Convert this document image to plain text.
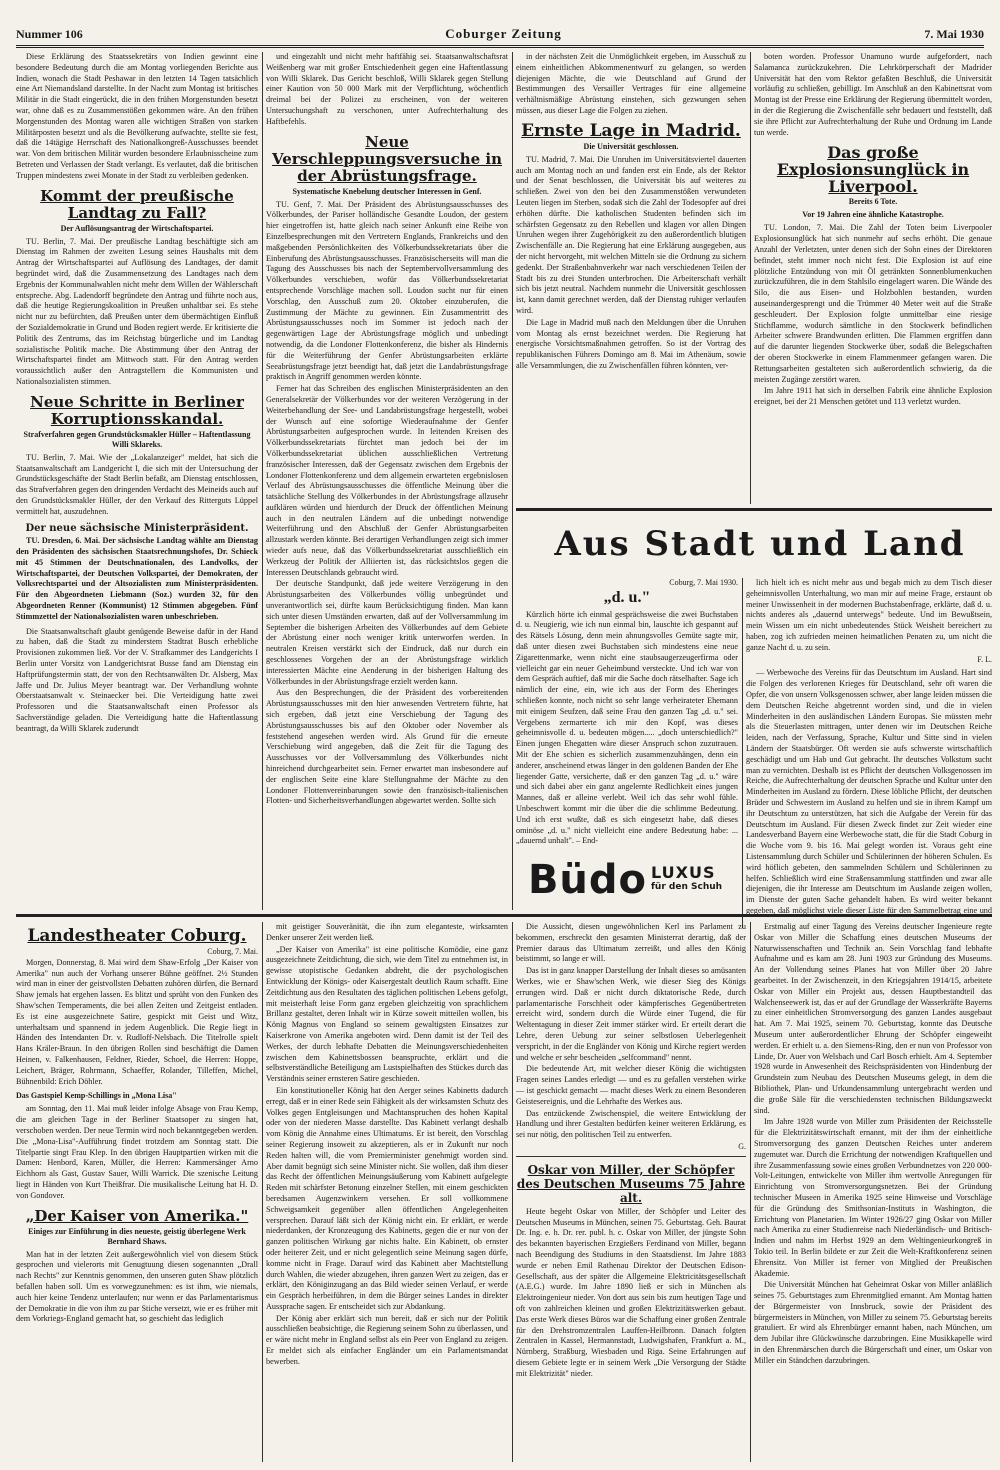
Nummer 106	Coburger Zeitung	7. Mai 1930

Diese Erklärung des Staatssekretärs von Indien gewinnt eine besondere Bedeutung durch die am Montag vorliegenden Berichte aus Indien, wonach die Stadt Peshawar in den letzten 14 Tagen tatsächlich eine Art Niemandsland darstellte. In der Nacht zum Montag ist britisches Militär in die Stadt eingerückt, die in den frühen Morgenstunden besetzt war, ohne daß es zu Zusammenstößen gekommen wäre. An den frühen Morgenstunden des Montag waren alle wichtigen Straßen von starken Militärposten besetzt und als die Bevölkerung aufwachte, stellte sie fest, daß die 14tägige Herrschaft des Nationalkongreß-Ausschusses beendet war. Von dem britischen Militär wurden besondere Erlaubnisscheine zum Betreten und Verlassen der Stadt verlangt. Es verlautet, daß die britischen Truppen mindestens zwei Monate in der Stadt zu verbleiben gedenken.

Kommt der preußische Landtag zu Fall?
Der Auflösungsantrag der Wirtschaftspartei.

TU. Berlin, 7. Mai. Der preußische Landtag beschäftigte sich am Dienstag im Rahmen der zweiten Lesung seines Haushalts mit dem Antrag der Wirtschaftspartei auf Auflösung des Landtages, der damit begründet wird, daß die Zusammensetzung des Landtages nach dem Ergebnis der Kommunalwahlen nicht mehr dem Willen der Wählerschaft entspreche. Abg. Ladendorff begründete den Antrag und führte noch aus, daß die heutige Regierungskoalition in Preußen unhaltbar sei. Es stehe nicht nur zu befürchten, daß Preußen unter dem übermächtigen Einfluß der Sozialdemokratie in Grund und Boden regiert werde. Er kritisierte die Politik des Zentrums, das im Reichstag bürgerliche und im Landtag sozialistische Politik mache. Die Abstimmung über den Antrag der Wirtschaftspartei findet am Mittwoch statt. Für den Antrag werden voraussichtlich außer den Antragstellern die Kommunisten und Nationalsozialisten stimmen.

Neue Schritte in Berliner Korruptionsskandal.
Strafverfahren gegen Grundstücksmakler Hüller – Haftentlassung Willi Sklareks.

TU. Berlin, 7. Mai. Wie der „Lokalanzeiger" meldet, hat sich die Staatsanwaltschaft am Landgericht I, die sich mit der Untersuchung der Grundstücksgeschäfte der Stadt Berlin befaßt, am Dienstag entschlossen, das Strafverfahren gegen den dringenden Verdacht des Meineids auch auf den Grundstücksmakler Hüller, der den Verkauf des Ritterguts Lüppel vermittelt hat, auszudehnen.

Der neue sächsische Ministerpräsident.

TU. Dresden, 6. Mai. Der sächsische Landtag wählte am Dienstag den Präsidenten des sächsischen Staatsrechnungshofes, Dr. Schieck mit 45 Stimmen der Deutschnationalen, des Landvolks, der Wirtschaftspartei, der Deutschen Volkspartei, der Demokraten, der Volksrechtspartei und der Altsozialisten zum Ministerpräsidenten. Für den Abgeordneten Liebmann (Soz.) wurden 32, für den Abgeordneten Renner (Kommunist) 12 Stimmen abgegeben. Fünf Stimmzettel der Nationalsozialisten waren unbeschrieben.

Die Staatsanwaltschaft glaubt genügende Beweise dafür in der Hand zu haben, daß die Stadt zu minderstem Stadtrat Busch erhebliche Provisionen zukommen ließ. Vor der V. Strafkammer des Landgerichts I Berlin unter Vorsitz von Landgerichtsrat Busse fand am Dienstag ein Haftprüfungstermin statt, der von den Rechtsanwälten Dr. Alsberg, Max Jaffe und Dr. Julius Meyer beantragt war. Der Verhandlung wohnte Oberstaatsanwalt v. Steinaecker bei. Die Verteidigung hatte zwei Professoren und die Staatsanwaltschaft einen Professor als Sachverständige geladen. Die Verteidigung hatte die Haftentlassung beantragt, da Willi Sklarek zuderundt

und eingezahlt und nicht mehr haftfähig sei. Staatsanwaltschaftsrat Weißenberg war mit großer Entschiedenheit gegen eine Haftentlassung von Willi Sklarek. Das Gericht beschloß, Willi Sklarek gegen Stellung einer Kaution von 50 000 Mark mit der Verpflichtung, wöchentlich dreimal bei der Polizei zu erscheinen, von der weiteren Untersuchungshaft zu verschonen, unter Aufrechterhaltung des Haftbefehls.

Neue Verschleppungsversuche in der Abrüstungsfrage.
Systematische Knebelung deutscher Interessen in Genf.

TU. Genf, 7. Mai. Der Präsident des Abrüstungsausschusses des Völkerbundes, der Pariser holländische Gesandte Loudon, der gestern hier eingetroffen ist, hatte gleich nach seiner Ankunft eine Reihe von Einzelbesprechungen mit den Vertretern Englands, Frankreichs und den maßgebenden Persönlichkeiten des Völkerbundssekretariats über die Einberufung des Abrüstungsausschusses. Französischerseits will man die Tagung des Ausschusses bis nach der Septembervollversammlung des Völkerbundes verschieben, wofür das Völkerbundssekretariat entsprechende Vorschläge machen soll. Loudon sucht nur für einen Vorschlag, den Ausschuß zum 20. Oktober einzuberufen, die Zustimmung der Mächte zu gewinnen. Ein Zusammentritt des Abrüstungsausschusses noch im Sommer ist jedoch nach der gegenwärtigen Lage der Abrüstungsfrage möglich und unbedingt notwendig, da die Londoner Flottenkonferenz, die bisher als Hindernis für die Weiterführung der Genfer Abrüstungsarbeiten erklärte Seeabrüstungsfrage jetzt beendigt hat, daß jetzt die Landabrüstungsfrage praktisch in Angriff genommen werden könnte.

Ferner hat das Schreiben des englischen Ministerpräsidenten an den Generalsekretär der Völkerbundes vor der weiteren Verzögerung in der Weiterbehandlung der See- und Landabrüstungsfrage hergestellt, wobei der Wunsch auf eine sofortige Wiederaufnahme der Genfer Abrüstungsarbeiten aufgesprochen wurde. In leitenden Kreisen des Völkerbundssekretariats fürchtet man jedoch bei der im Völkerbundssekretariat üblichen ausschließlichen Vertretung französischer Interessen, daß der Gegensatz zwischen dem Ergebnis der Londoner Flottenkonferenz und dem allgemein erwarteten ergebnislosen Verlauf des Abrüstungsausschusses die öffentliche Meinung über die tatsächliche Stellung des Völkerbundes in der Abrüstungsfrage allzusehr aufklären würden und hierdurch der Druck der öffentlichen Meinung auch in den neutralen Ländern auf die unbedingt notwendige Weiterführung und den Abschluß der Genfer Abrüstungsarbeiten allzustark werden könnte. Bei derartigen Verhandlungen zeigt sich immer wieder aufs neue, daß das Völkerbundssekretariat ausschließlich ein Werkzeug der Politik der Alliierten ist, das rücksichtslos gegen die Interessen Deutschlands gebraucht wird.

Der deutsche Standpunkt, daß jede weitere Verzögerung in den Abrüstungsarbeiten des Völkerbundes völlig unbegründet und unverantwortlich sei, dürfte kaum Berücksichtigung finden. Man kann sich unter diesen Umständen erwarten, daß auf der Vollversammlung im September die bisherigen Arbeiten des Völkerbundes auf dem Gebiete der Abrüstung einer noch weniger kritik unterworfen werden. In neutralen Kreisen verstärkt sich der Eindruck, daß nur durch ein geschlossenes Vorgehen der an der Abrüstungsfrage wirklich interessierten Mächte eine Aenderung in der bisherigen Haltung des Völkerbundes in der Abrüstungsfrage erzielt werden kann.

Aus den Besprechungen, die der Präsident des vorbereitenden Abrüstungsausschusses mit den hier anwesenden Vertretern führte, hat sich ergeben, daß jetzt eine Verschiebung der Tagung des Abrüstungsausschusses bis auf den Oktober oder November als feststehend angesehen werden wird. Als Grund für die erneute Verschiebung wird angegeben, daß die Zeit für die Tagung des Ausschusses vor der Vollversammlung des Völkerbundes nicht hinreichend durchgearbeitet sein. Ferner erwartet man insbesondere auf der englischen Seite eine klare Stellungnahme der Mächte zu den Londoner Flottenvereinbarungen sowie den französisch-italienischen Flotten- und Sicherheitsverhandlungen abgewartet werden. Sollte sich

in der nächsten Zeit die Unmöglichkeit ergeben, im Ausschuß zu einem einheitlichen Abkommenentwurf zu gelangen, so werden diejenigen Mächte, die wie Deutschland auf Grund der Bestimmungen des Versailler Vertrages für eine allgemeine verhältnismäßige Abrüstung einstehen, sich gezwungen sehen müssen, aus dieser Lage die Folgen zu ziehen.

Ernste Lage in Madrid.
Die Universität geschlossen.

TU. Madrid, 7. Mai. Die Unruhen im Universitätsviertel dauerten auch am Montag noch an und fanden erst ein Ende, als der Rektor und der Senat beschlossen, die Universität bis auf weiteres zu schließen. Zwei von den bei den Zusammenstößen verwundeten Leuten liegen im Sterben, sodaß sich die Zahl der Todesopfer auf drei erhöhen dürfte. Die katholischen Studenten befinden sich im schärfsten Gegensatz zu den Rebellen und klagen vor allen Dingen Unruhen wegen ihrer Zugehörigkeit zu den außerordentlich blutigen Zwischenfälle an. Die Regierung hat eine Erklärung ausgegeben, aus der nicht hervorgeht, mit welchen Mitteln sie die Ordnung zu sichern gedenkt. Der Straßenbahnverkehr war nach verschiedenen Teilen der Stadt bis zu drei Stunden unterbrochen. Die Arbeiterschaft verhält sich bis jetzt neutral. Nachdem nunmehr die Universität geschlossen ist, kann damit gerechnet werden, daß der Dienstag ruhiger verlaufen wird.

Die Lage in Madrid muß nach den Meldungen über die Unruhen vom Montag als ernst bezeichnet werden. Die Regierung hat energische Vorsichtsmaßnahmen getroffen. So ist der Vortrag des republikanischen Führers Domingo am 8. Mai im Athenäum, sowie alle Versammlungen, die zu Zwischenfällen führen könnten, ver-

boten worden. Professor Unamuno wurde aufgefordert, nach Salamanca zurückzukehren. Die Lehrkörperschaft der Madrider Universität hat den vom Rektor gefaßten Beschluß, die Universität vorläufig zu schließen, gebilligt. Im Anschluß an den Kabinettsrat vom Montag ist der Presse eine Erklärung der Regierung übermittelt worden, in der die Regierung die Zwischenfälle sehr bedauert und feststellt, daß sie ihre Pflicht zur Aufrechterhaltung der Ruhe und Ordnung im Lande tun werde.

Das große Explosionsunglück in Liverpool.
Bereits 6 Tote.
Vor 19 Jahren eine ähnliche Katastrophe.

TU. London, 7. Mai. Die Zahl der Toten beim Liverpooler Explosionsunglück hat sich nunmehr auf sechs erhöht. Die genaue Anzahl der Verletzten, unter denen sich der Sohn eines der Direktoren befindet, steht immer noch nicht fest. Die Explosion ist auf eine plötzliche Entzündung von mit Öl getränkten Sonnenblumenkuchen zurückzuführen, die in dem Stahlsilo eingelagert waren. Die Wände des Silo, die aus Eisen- und Holzbohlen bestanden, wurden auseinandergesprengt und die Trümmer 40 Meter weit auf die Straße geschleudert. Der Explosion folgte unmittelbar eine riesige Stichflamme, wodurch sämtliche in den Stockwerk befindlichen Arbeiter schwere Brandwunden erlitten. Die Flammen ergriffen dann auf die darunter liegenden Stockwerke über, sodaß die Belegschaften der oberen Stockwerke in einem Flammenmeer gefangen waren. Die Rettungsarbeiten gestalteten sich außerordentlich schwierig, da die meisten Zugänge zerstört waren.

Im Jahre 1911 hat sich in derselben Fabrik eine ähnliche Explosion ereignet, bei der 21 Menschen getötet und 113 verletzt wurden.

Aus Stadt und Land
Coburg, 7. Mai 1930.
„d. u."

Kürzlich hörte ich einmal gesprächsweise die zwei Buchstaben d. u. Neugierig, wie ich nun einmal bin, lauschte ich gespannt auf des Rätsels Lösung, denn mein ahnungsvolles Gemüte sagte mir, daß unter diesen zwei Buchstaben sich mindestens eine neue Zigarettenmarke, wenn nicht eine staubsaugerzeugerfirma oder vielleicht gar ein neuer Geheimbund versteckte. Und ich war von dem Gespräch auftief, daß mir die Sache doch rätselhafter. Sage ich nämlich der eine, ein, wie ich aus der Form des Eheringes schließen konnte, noch nicht so sehr lange verheirateter Ehemann mit einigem Seufzen, daß seine Frau den ganzen Tag „d. u." sei. Vergebens zermarterte ich mir den Kopf, was dieses geheimnisvolle d. u. bedeuten mögen..... „doch unterschiedlich?" Einen jungen Ehegatten wäre dieser Anspruch schon zuzutrauen. Mit der Ehe schien es sicherlich zusammenzuhängen, denn ein anderer, anscheinend etwas länger in den goldenen Banden der Ehe liegender Gatte, versicherte, daß er den ganzen Tag „d. u." wäre und sich dabei aber ein ganz angelernte Redlichkeit eines jungen Mannes, daß er alleine verlebt. Weil ich das sehr wohl fühle. Unbeschwert kommt mir die über die die schlimme Bedeutung. Und ich erst wußte, daß es sich eingesetzt habe, daß dieses ominöse „d. u." nicht vielleicht eine andere Bedeutung habe: ...„dauernd unhalt". – End-

lich hielt ich es nicht mehr aus und begab mich zu dem Tisch dieser geheimnisvollen Unterhaltung, wo man mir auf meine Frage, erstaunt ob meiner Unwissenheit in der modernen Buchstabenfrage, erklärte, daß d. u. nichts anderes als „dauernd unterwegs" bedeute. Und im Bewußtsein, mein Wissen um ein nicht unbedeutendes Stück Weisheit bereichert zu haben, zog ich zufrieden meinen heimatlichen Penaten zu, um nicht die ganze Nacht d. u. zu sein.

F. L.

— Werbewoche des Vereins für das Deutschtum im Ausland. Hart sind die Folgen des verlorenen Krieges für Deutschland, sehr oft waren die Opfer, die von unsern Volksgenossen schwer, aber lange leiden müssen die dem Deutschen Reiche abgetrennt worden sind, und die in vielen Minderheiten in den ausländischen Ländern Europas. Sie müssten mehr als die Steuerlasten mittragen, unter denen wir im Deutschen Reiche leiden, nach der Verfassung, Sprache, Kultur und Sitte sind in vielen Ländern der Staatsbürger. Oft werden sie aufs schwerste wirtschaftlich geschädigt und um Hab und Gut gebracht. Ihr deutsches Volkstum sucht man zu vernichten. Deshalb ist es Pflicht der deutschen Volksgenossen im Reiche, die Aufrechterhaltung der deutschen Sprache und Kultur unter den Minderheiten im Ausland zu fördern. Diese löbliche Pflicht, der deutschen Brüder und Schwestern im Ausland zu helfen und sie in ihrem Kampf um ihr Deutschtum zu unterstützen, hat sich die Aufgabe der Verein für das Deutschtum im Ausland. Für diesen Zweck findet zur Zeit wieder eine Landesverband Bayern eine Werbewoche statt, die für die Stadt Coburg in die Woche vom 9. bis 16. Mai gelegt worden ist. Voraus geht eine Listensammlung durch Schüler und Schülerinnen der höheren Schulen. Es wird höflich gebeten, den sammelnden Schülern und Schülerinnen zu helfen. Schließlich wird eine Straßensammlung stattfinden und zwar alle diejenigen, die ihr Interesse am Deutschtum im Auslande zeigen wollen, im Dienste der guten Sache gehandelt haben. Es wird weiter bekannt gegeben, daß möglichst viele dieser Liste für den Sammelbetrag eine und

Büdo LUXUS
für den Schuh
Landestheater Coburg.
Coburg, 7. Mai.

Morgen, Donnerstag, 8. Mai wird dem Shaw-Erfolg „Der Kaiser von Amerika" nun auch der Vorhang unserer Bühne geöffnet. 2½ Stunden wird man in einer der geistvollsten Debatten zuhören dürfen, die Bernard Shaw jemals hat ergehen lassen. Es blitzt und sprüht von den Funken des Shaw'schen Temperaments, die bei allen Zeiten und Zeitgeist entladen. Es ist eine ausgezeichnete Satire, gespickt mit Geist und Witz, unterhaltsam und spannend in jedem Augenblick. Die Regie liegt in Händen des Intendanten Dr. v. Rudloff-Nelsbach. Die Titelrolle spielt Hans Kräler-Braun. In den übrigen Rollen sind beschäftigt die Damen Heinen, v. Falkenhausen, Feldner, Rieder, Schoel, die Herren: Hoppe, Leichert, Bräger, Rohrmann, Schaeffer, Rolander, Tilleffen, Michel, Bühnenbild: Erich Döhler.

Das Gastspiel Kemp-Schillings in „Mona Lisa"

am Sonntag, den 11. Mai muß leider infolge Absage von Frau Kemp, die am gleichen Tage in der Berliner Staatsoper zu singen hat, verschoben werden. Der neue Termin wird noch bekanntgegeben werden. Die „Mona-Lisa"-Aufführung findet trotzdem am Sonntag statt. Die Titelpartie singt Frau Klep. In den übrigen Hauptpartien wirken mit die Damen: Henbord, Karen, Müller, die Herren: Kammersänger Arno Eichhorn als Gast, Gustav Sauer, Willi Warrick. Die szenische Leitung liegt in Händen von Kurt Theißfrar. Die musikalische Leitung hat H. D. von Gondover.

„Der Kaiser von Amerika."
Einiges zur Einführung in dies neueste, geistig überlegene Werk Bernhard Shaws.

Man hat in der letzten Zeit außergewöhnlich viel von diesem Stück gesprochen und vielerorts mit Genugtuung diesen sogenannten „Drall nach Rechts" zur Kenntnis genommen, den unseren guten Shaw plötzlich befallen haben soll. Um es vorwegzunehmen: es ist ihm, wie niemals, auch hier keine Tendenz unterlaufen; nur wenn er das Parlamentarismus der Demokratie in die von ihm zu par Stiche versetzt, wie er es früher mit dem Vorkriegs-England gemacht hat, so geschieht das lediglich

mit geistiger Souveränität, die ihn zum eleganteste, wirksamten Denker unserer Zeit werden ließ.

„Der Kaiser von Amerika" ist eine politische Komödie, eine ganz ausgezeichnete Zeitdichtung, die sich, wie dem Titel zu entnehmen ist, in gewisse utopistische Gedanken abdreht, die der psychologischen Entwicklung der Königs- oder Kaisergestalt deutlich Raum schafft. Eine Zeitdichtung aus den Resultaten des täglichen politischen Lebens gefolgt, mit meisterhaft leise Form ganz ergeben gleichzeitig von sprachlichem Brillanz gestaltet, deren Inhalt wir in Kürze soweit mitteilen wollen, bis König Magnus von England so seinem gewaltigsten Einsatzes zur Kaiserkrone von Amerika angeboten wird. Denn damit ist der Teil des Werkes, der durch lebhafte Debatten die Meinungsverschiedenheiten zwischen dem Kabinettsbossen beanspruchte, erklärt und die selbstverständliche Beteiligung am Lustspielhaften des Stückes durch das Verständnis seiner ernsteren Satire geschieden.

Ein konstitutioneller König hat den Aerger seines Kabinetts dadurch erregt, daß er in einer Rede sein Fähigkeit als der wirksamsten Schutz des Volkes gegen Entgleisungen und Machtanspruchen des hohen Kapital oder von der niederen Masse darstellte. Das Kabinett verlangt deshalb vom König die Annahme eines Ultimatums. Er ist bereit, den Vorschlag seiner Regierung insoweit zu akzeptieren, als er in Zukunft nur noch Reden halten will, die vom Premierminister genehmigt worden sind. Aber damit begnügt sich seine Minister nicht. Sie wollen, daß ihm dieser das Recht der öffentlichen Meinungsäußerung vom Kabinett aufgelegte Reden mit schärfster Betonung einzelner Stellen, mit einem geschickten beredsamen Augenzwinkern versehen. Er soll vollkommene Schweigsamkeit gegenüber allen öffentlichen Angelegenheiten versprechen. Darauf läßt sich der König nicht ein. Er erklärt, er werde niederdanken, der Kronzeugung des Kabinetts, gegen die er nur von der ganzen politischen Wirkung gar nichts halte. Ein Kabinett, ob ernster oder heiterer Zeit, und er nicht gelegentlich seine Meinung sagen dürfe, komme nicht in Frage. Darauf wird das Kabinett aber Machtstellung durch Wahlen, die wieder abzugehen, ihren ganzen Wert zu zeigen, das er erklärt, den Königinzugang an das Bild wieder seinen Verlauf, er werde ein Gespräch herbeiführen, in dem die Bürger seines Landes in direkter Aussprache sagen. Er entscheidet sich zur Abdankung.

Der König aber erklärt sich nun bereit, daß er sich nur der Politik ausschließen beabsichtige, die Regierung seinem Sohn zu überlassen, und er wäre nicht mehr in England selbst als ein Peer von England zu zeigen. Er meldet sich als einfacher Engländer um ein Parlamentsmandat bewerben.

Die Aussicht, diesen ungewöhnlichen Kerl ins Parlament zu bekommen, erschreckt den gesamten Ministerrat derartig, daß der Premier daraus das Ultimatum zerreißt, und alles den König beistimmt, so lange er will.

Das ist in ganz knapper Darstellung der Inhalt dieses so amüsanten Werkes, wie er Shaw'schen Werk, wie dieser Sieg des Königs errungen wird. Daß er nicht durch diktatorische Rede, durch parlamentarische Forschheit oder kämpferisches Gegenübertreten erreicht wird, sondern durch die Würde einer Tugend, die für Weltentagung in dieser Zeit immer stärker wird. Er erteilt derart die Lehre, deren Uebung zur seiner selbstlosen Ueberlegenheit verspricht, in der die Engländer von König und Kirche regiert werden und welche er sehr bescheiden „selfcommand" nennt.

Die bedeutende Art, mit welcher dieser König die wichtigsten Fragen seines Landes erledigt — und es zu gefallen verstehen wirke — ist geschickt gemacht — macht dieses Werk zu einem Besonderen Geistesereignis, und die Lehrhafte des Werkes aus.

Das entzückende Zwischenspiel, die weitere Entwicklung der Handlung und ihrer Gestalten bedürfen keiner weiteren Erklärung, es sei nur nötig, den politischen Teil zu entwerfen.

G.
Oskar von Miller, der Schöpfer des Deutschen Museums 75 Jahre alt.

Heute begeht Oskar von Miller, der Schöpfer und Leiter des Deutschen Museums in München, seinen 75. Geburtstag. Geh. Baurat Dr. Ing. e. h. Dr. rer. publ. h. c. Oskar von Miller, der jüngste Sohn des bekannten bayerischen Erzgießers Ferdinand von Miller, begann nach Beendigung des Studiums in den Staatsdienst. Im Jahre 1883 wurde er neben Emil Rathenau Direktor der Deutschen Edison-Gesellschaft, aus der später die Allgemeine Elektricitätsgesellschaft (A.E.G.) wurde. Im Jahre 1890 ließ er sich in München als Elektroingenieur nieder. Von dort aus sein bis zum heutigen Tage und oft von zahlreichen kleinen und großen Elektrizitätswerken gebaut. Das erste Werk dieses Büros war die Schaffung einer großen Zentrale für den Drehstromzentralen Lauffen-Heilbronn. Danach folgten Zentralen in Kassel, Hermannstadt, Ludwigshafen, Frankfurt a. M., Nürnberg, Straßburg, Wiesbaden und Riga. Seine Erfahrungen auf diesem Gebiete legte er in seinem Werk „Die Versorgung der Städte mit Elektrizität" nieder.

Erstmalig auf einer Tagung des Vereins deutscher Ingenieure regte Oskar von Miller die Schaffung eines deutschen Museums der Naturwissenschaften und Technik an. Sein Vorschlag fand lebhafte Aufnahme und es kam am 28. Juni 1903 zur Gründung des Museums. An der Vollendung seines Planes hat von Miller über 20 Jahre gearbeitet. In der Zwischenzeit, in den Kriegsjahren 1914/15, arbeitete Oskar von Miller ein Projekt aus, dessen Hauptbestandteil das Walchenseewerk ist, das er auf der Grundlage der Wasserkräfte Bayerns zu einer einheitlichen Stromversorgung des ganzen Landes ausgebaut hat. Am 7. Mai 1925, seinem 70. Geburtstag, konnte das Deutsche Museum unter außerordentlicher Ehrung der Schöpfer eingeweiht werden. Er erhielt u. a. den Siemens-Ring, den er nun von Professor von Linde, Dr. Auer von Welsbach und Carl Bosch erhielt. Am 4. September 1928 wurde in Anwesenheit des Reichspräsidenten von Hindenburg der Grundstein zum Neubau des Deutschen Museums gelegt, in dem die Bibliothek, Plan- und Urkundensammlung untergebracht werden und die große Säle für die verschiedensten technischen Bildungszweckt sind.

Im Jahre 1928 wurde von Miller zum Präsidenten der Reichsstelle für die Elektrizitätswirtschaft ernannt, mit der ihm der einheitliche Stromversorgung des ganzen Deutschen Reiches unter anderem zugemutet war. Durch die Errichtung der notwendigen Kraftquellen und ihre Zusammenfassung sowie eines großen Verbundnetzes von 220 000-Volt-Leitungen, entwickelte von Miller ihm wertvolle Anregungen für Einrichtung von Stromversorgungsnetzen. Bei der Gründung technischer Museen in Amerika 1925 seine Hinweise und Vorschläge für die Gründung des Smithsonian-Instituts in Washington, die Errichtung von Planetarien. Im Winter 1926/27 ging Oskar von Miller nach Amerika zu einer Studienreise nach Niederländisch- und Britisch-Indien und nahm im Herbst 1929 an dem Weltingenieurkongreß in Tokio teil. In Berlin bildete er zur Zeit die Welt-Kraftkonferenz seinen Ehrensitz. Von Miller ist ferner von Mitglied der Preußischen Akademie.

Die Universität München hat Geheimrat Oskar von Miller anläßlich seines 75. Geburtstages zum Ehrenmitglied ernannt. Am Montag hatten der Bürgermeister von Innsbruck, sowie der Präsident des bürgermeisters in München, von Miller zu seinem 75. Geburtstag bereits gratuliert. Er wird als Ehrenbürger ernannt haben, nach München, um dem Jubilar ihre Glückwünsche darzubringen. Eine Musikkapelle wird in den Ehrenmärschen durch die Bürgerschaft und einer, um Oskar von Miller ein Ständchen darzubringen.
